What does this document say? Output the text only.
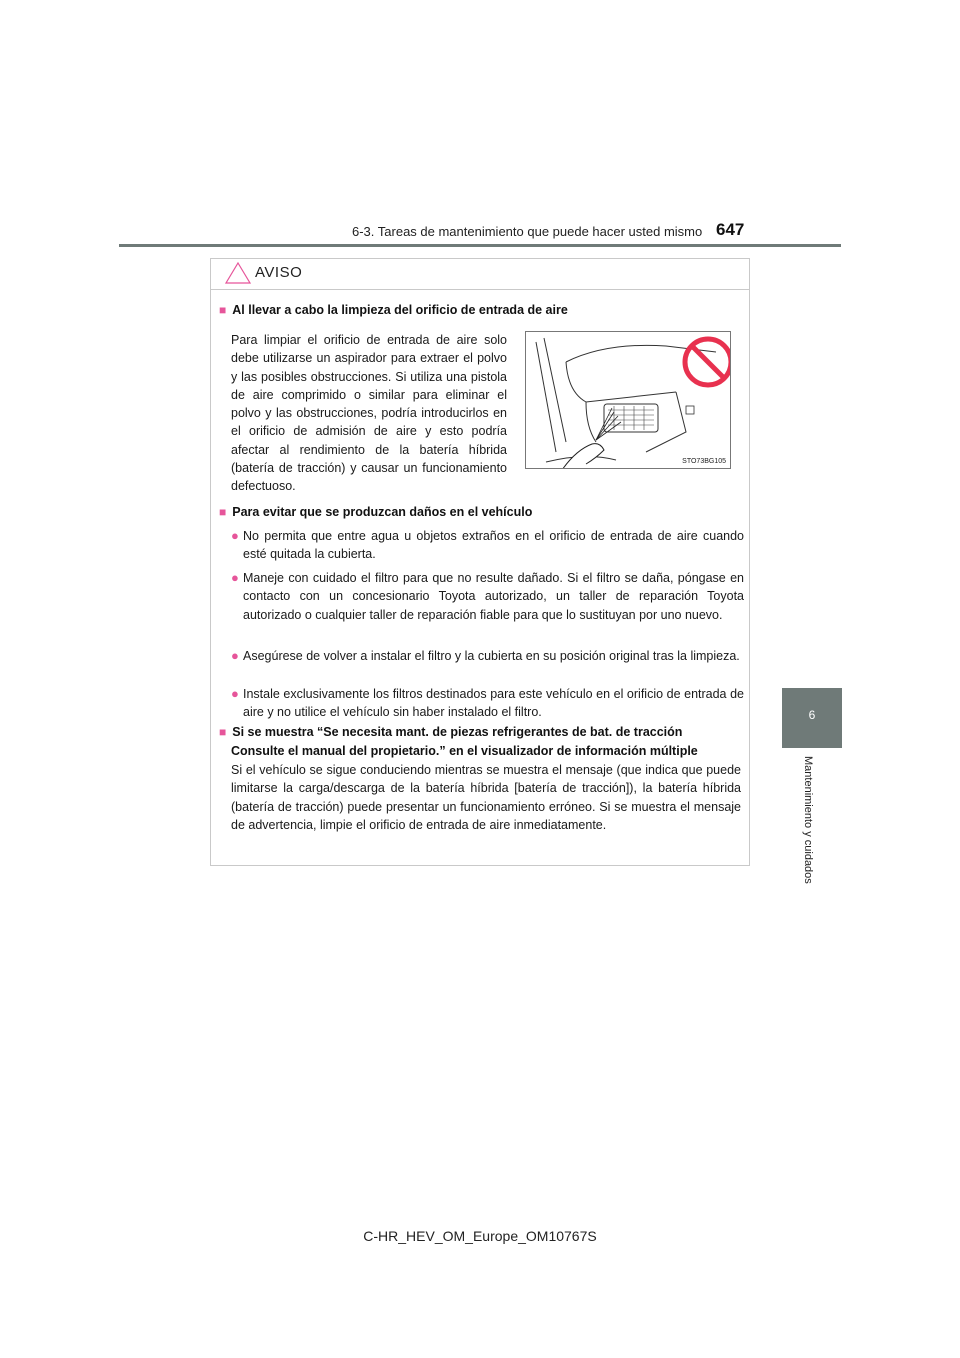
6-3. Tareas de mantenimiento que puede hacer usted mismo 647
6
Mantenimiento y cuidados
AVISO
■ Al llevar a cabo la limpieza del orificio de entrada de aire
Para limpiar el orificio de entrada de aire solo debe utilizarse un aspirador para extraer el polvo y las posibles obstrucciones. Si utiliza una pistola de aire comprimido o similar para eliminar el polvo y las obstrucciones, podría introducirlos en el orificio de admisión de aire y esto podría afectar al rendimiento de la batería híbrida (batería de tracción) y causar un funcionamiento defectuoso.
STO73BG105
■ Para evitar que se produzcan daños en el vehículo
● No permita que entre agua u objetos extraños en el orificio de entrada de aire cuando esté quitada la cubierta.
● Maneje con cuidado el filtro para que no resulte dañado. Si el filtro se daña, póngase en contacto con un concesionario Toyota autorizado, un taller de reparación Toyota autorizado o cualquier taller de reparación fiable para que lo sustituyan por uno nuevo.
● Asegúrese de volver a instalar el filtro y la cubierta en su posición original tras la limpieza.
● Instale exclusivamente los filtros destinados para este vehículo en el orificio de entrada de aire y no utilice el vehículo sin haber instalado el filtro.
■ Si se muestra “Se necesita mant. de piezas refrigerantes de bat. de tracción
Consulte el manual del propietario.” en el visualizador de información múltiple
Si el vehículo se sigue conduciendo mientras se muestra el mensaje (que indica que puede limitarse la carga/descarga de la batería híbrida [batería de tracción]), la batería híbrida (batería de tracción) puede presentar un funcionamiento erróneo. Si se muestra el mensaje de advertencia, limpie el orificio de entrada de aire inmediatamente.
C-HR_HEV_OM_Europe_OM10767S
